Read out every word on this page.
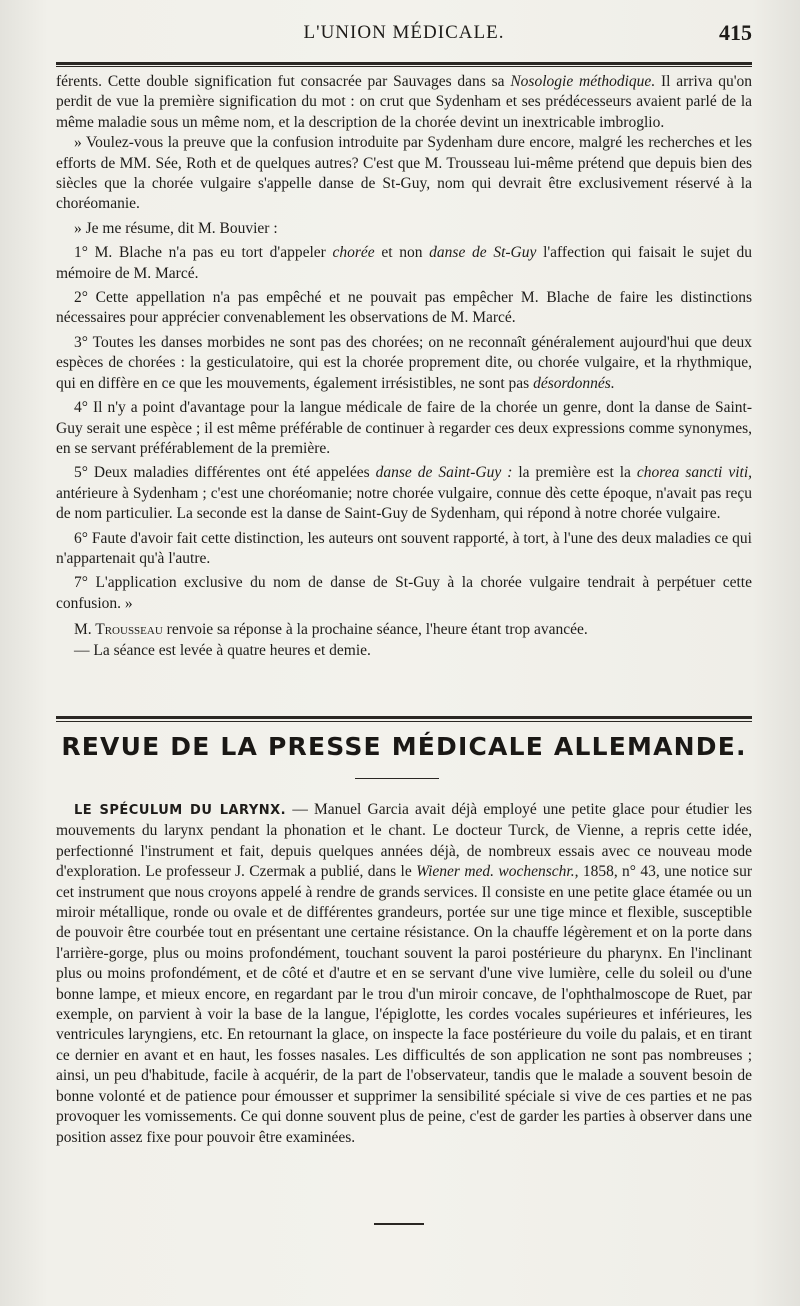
L'UNION MÉDICALE.	415

férents. Cette double signification fut consacrée par Sauvages dans sa Nosologie méthodique. Il arriva qu'on perdit de vue la première signification du mot : on crut que Sydenham et ses prédécesseurs avaient parlé de la même maladie sous un même nom, et la description de la chorée devint un inextricable imbroglio.

» Voulez-vous la preuve que la confusion introduite par Sydenham dure encore, malgré les recherches et les efforts de MM. Sée, Roth et de quelques autres? C'est que M. Trousseau lui-même prétend que depuis bien des siècles que la chorée vulgaire s'appelle danse de St-Guy, nom qui devrait être exclusivement réservé à la choréomanie.

» Je me résume, dit M. Bouvier :

1° M. Blache n'a pas eu tort d'appeler chorée et non danse de St-Guy l'affection qui faisait le sujet du mémoire de M. Marcé.

2° Cette appellation n'a pas empêché et ne pouvait pas empêcher M. Blache de faire les distinctions nécessaires pour apprécier convenablement les observations de M. Marcé.

3° Toutes les danses morbides ne sont pas des chorées; on ne reconnaît généralement aujourd'hui que deux espèces de chorées : la gesticulatoire, qui est la chorée proprement dite, ou chorée vulgaire, et la rhythmique, qui en diffère en ce que les mouvements, également irrésistibles, ne sont pas désordonnés.

4° Il n'y a point d'avantage pour la langue médicale de faire de la chorée un genre, dont la danse de Saint-Guy serait une espèce ; il est même préférable de continuer à regarder ces deux expressions comme synonymes, en se servant préférablement de la première.

5° Deux maladies différentes ont été appelées danse de Saint-Guy : la première est la chorea sancti viti, antérieure à Sydenham ; c'est une choréomanie; notre chorée vulgaire, connue dès cette époque, n'avait pas reçu de nom particulier. La seconde est la danse de Saint-Guy de Sydenham, qui répond à notre chorée vulgaire.

6° Faute d'avoir fait cette distinction, les auteurs ont souvent rapporté, à tort, à l'une des deux maladies ce qui n'appartenait qu'à l'autre.

7° L'application exclusive du nom de danse de St-Guy à la chorée vulgaire tendrait à perpétuer cette confusion. »

M. Trousseau renvoie sa réponse à la prochaine séance, l'heure étant trop avancée.

— La séance est levée à quatre heures et demie.

REVUE DE LA PRESSE MÉDICALE ALLEMANDE.

LE SPÉCULUM DU LARYNX. — Manuel Garcia avait déjà employé une petite glace pour étudier les mouvements du larynx pendant la phonation et le chant. Le docteur Turck, de Vienne, a repris cette idée, perfectionné l'instrument et fait, depuis quelques années déjà, de nombreux essais avec ce nouveau mode d'exploration. Le professeur J. Czermak a publié, dans le Wiener med. wochenschr., 1858, n° 43, une notice sur cet instrument que nous croyons appelé à rendre de grands services. Il consiste en une petite glace étamée ou un miroir métallique, ronde ou ovale et de différentes grandeurs, portée sur une tige mince et flexible, susceptible de pouvoir être courbée tout en présentant une certaine résistance. On la chauffe légèrement et on la porte dans l'arrière-gorge, plus ou moins profondément, touchant souvent la paroi postérieure du pharynx. En l'inclinant plus ou moins profondément, et de côté et d'autre et en se servant d'une vive lumière, celle du soleil ou d'une bonne lampe, et mieux encore, en regardant par le trou d'un miroir concave, de l'ophthalmoscope de Ruet, par exemple, on parvient à voir la base de la langue, l'épiglotte, les cordes vocales supérieures et inférieures, les ventricules laryngiens, etc. En retournant la glace, on inspecte la face postérieure du voile du palais, et en tirant ce dernier en avant et en haut, les fosses nasales. Les difficultés de son application ne sont pas nombreuses ; ainsi, un peu d'habitude, facile à acquérir, de la part de l'observateur, tandis que le malade a souvent besoin de bonne volonté et de patience pour émousser et supprimer la sensibilité spéciale si vive de ces parties et ne pas provoquer les vomissements. Ce qui donne souvent plus de peine, c'est de garder les parties à observer dans une position assez fixe pour pouvoir être examinées.
